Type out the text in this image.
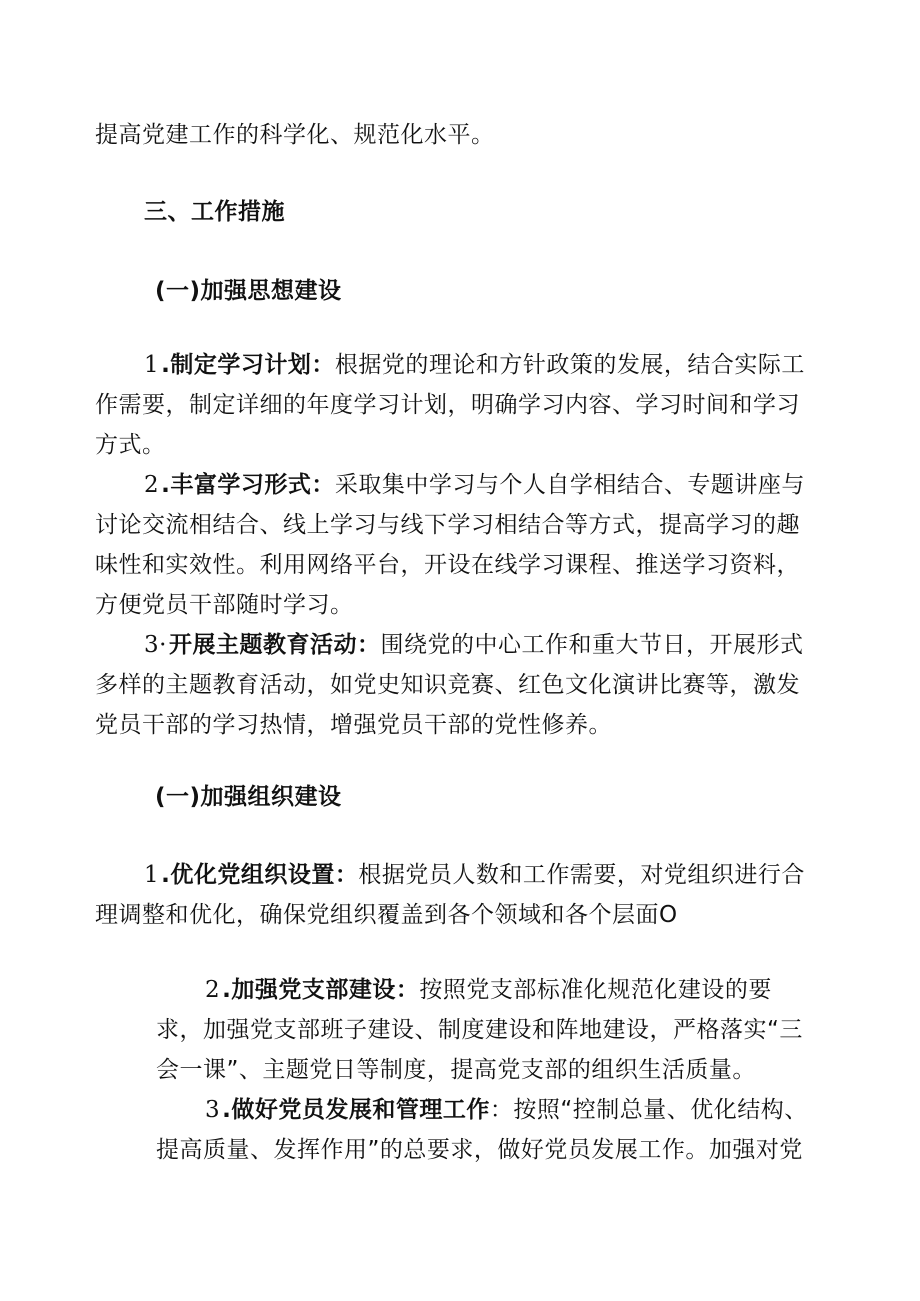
提高党建工作的科学化、规范化水平。

三、工作措施

(一)加强思想建设

1.制定学习计划：根据党的理论和方针政策的发展，结合实际工作需要，制定详细的年度学习计划，明确学习内容、学习时间和学习方式。

2.丰富学习形式：采取集中学习与个人自学相结合、专题讲座与讨论交流相结合、线上学习与线下学习相结合等方式，提高学习的趣味性和实效性。利用网络平台，开设在线学习课程、推送学习资料，方便党员干部随时学习。

3·开展主题教育活动：围绕党的中心工作和重大节日，开展形式多样的主题教育活动，如党史知识竞赛、红色文化演讲比赛等，激发党员干部的学习热情，增强党员干部的党性修养。

(一)加强组织建设

1.优化党组织设置：根据党员人数和工作需要，对党组织进行合理调整和优化，确保党组织覆盖到各个领域和各个层面O

2.加强党支部建设：按照党支部标准化规范化建设的要求，加强党支部班子建设、制度建设和阵地建设，严格落实“三会一课”、主题党日等制度，提高党支部的组织生活质量。

3.做好党员发展和管理工作：按照“控制总量、优化结构、提高质量、发挥作用”的总要求，做好党员发展工作。加强对党
